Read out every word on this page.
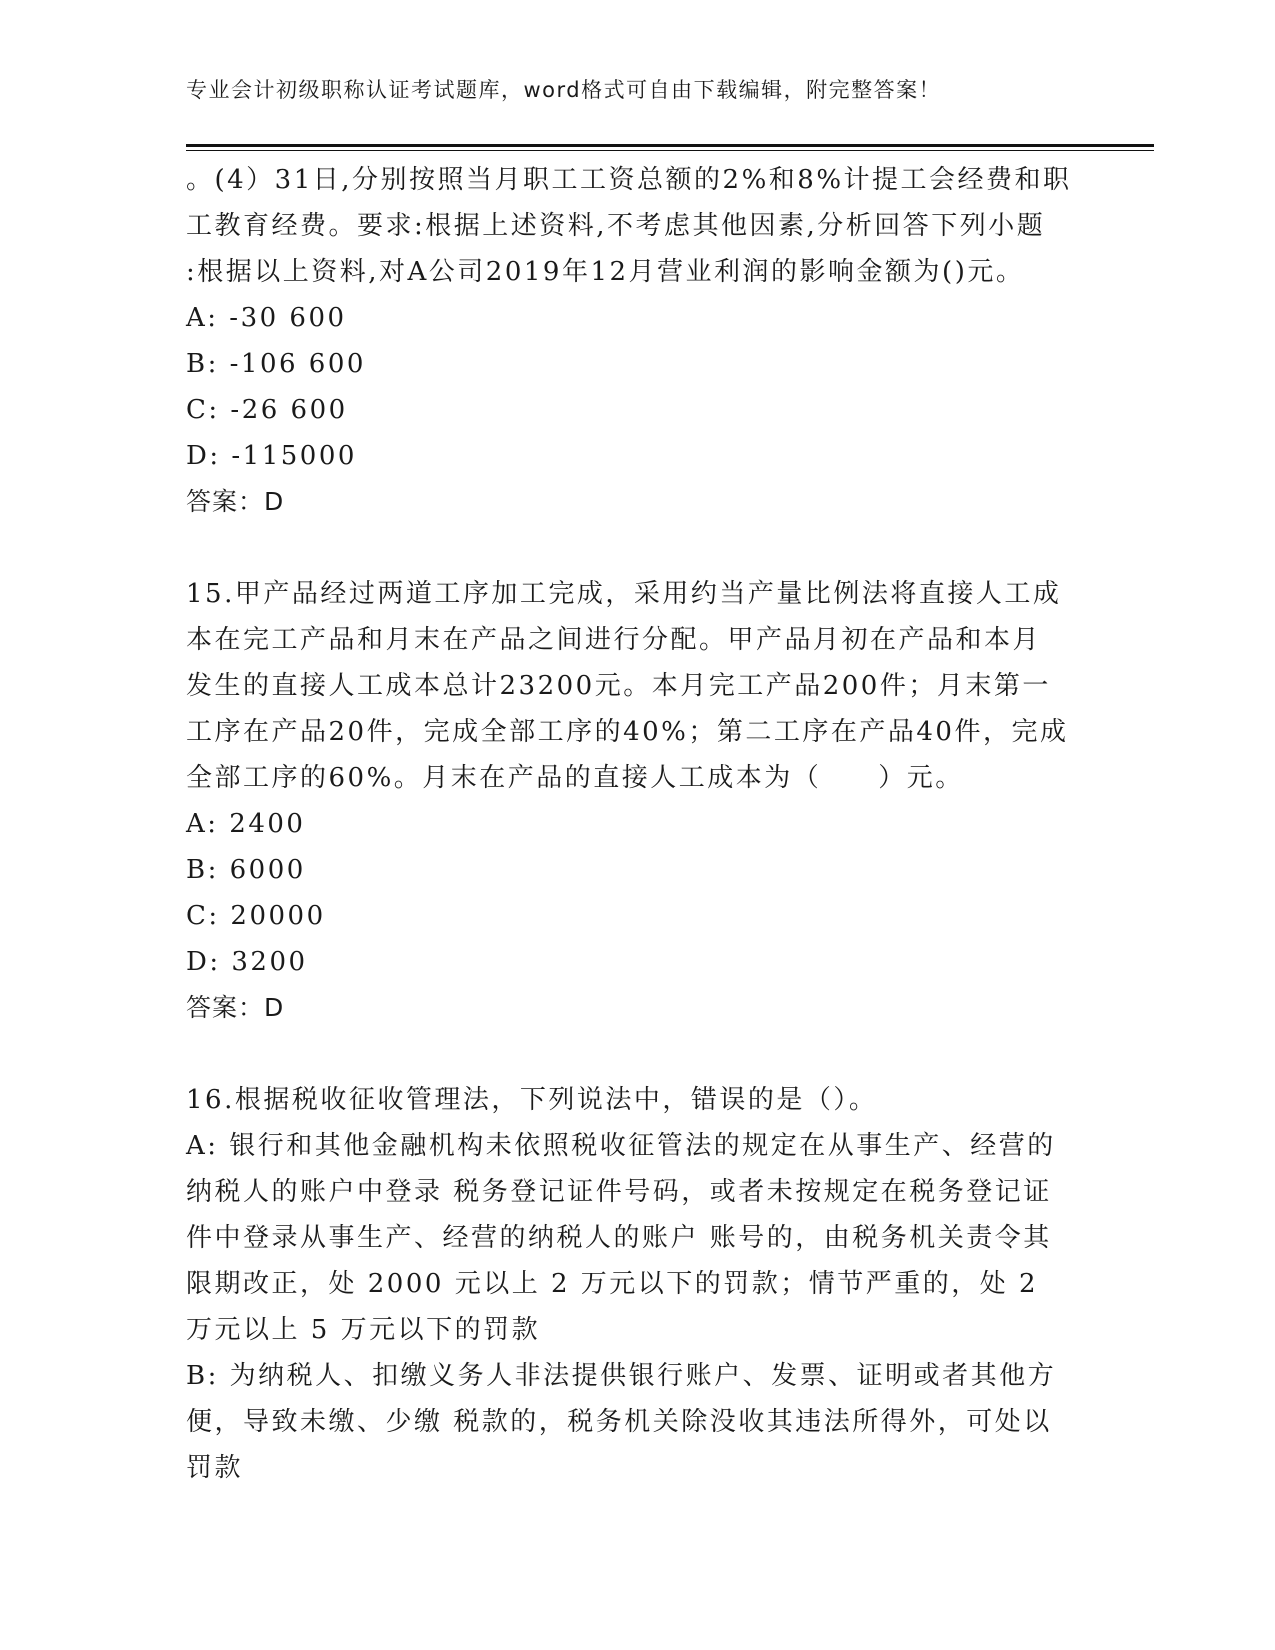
专业会计初级职称认证考试题库，word格式可自由下载编辑，附完整答案！

。(4）31日,分别按照当月职工工资总额的2%和8%计提工会经费和职

工教育经费。要求:根据上述资料,不考虑其他因素,分析回答下列小题

:根据以上资料,对A公司2019年12月营业利润的影响金额为()元。

A: -30 600

B: -106 600

C: -26 600

D: -115000

答案：D

15.甲产品经过两道工序加工完成，采用约当产量比例法将直接人工成

本在完工产品和月末在产品之间进行分配。甲产品月初在产品和本月

发生的直接人工成本总计23200元。本月完工产品200件；月末第一

工序在产品20件，完成全部工序的40%；第二工序在产品40件，完成

全部工序的60%。月末在产品的直接人工成本为（　　）元。

A: 2400

B: 6000

C: 20000

D: 3200

答案：D

16.根据税收征收管理法，下列说法中，错误的是（）。

A: 银行和其他金融机构未依照税收征管法的规定在从事生产、经营的

纳税人的账户中登录 税务登记证件号码，或者未按规定在税务登记证

件中登录从事生产、经营的纳税人的账户 账号的，由税务机关责令其

限期改正，处 2000 元以上 2 万元以下的罚款；情节严重的，处 2

万元以上 5 万元以下的罚款

B: 为纳税人、扣缴义务人非法提供银行账户、发票、证明或者其他方

便，导致未缴、少缴 税款的，税务机关除没收其违法所得外，可处以

罚款
